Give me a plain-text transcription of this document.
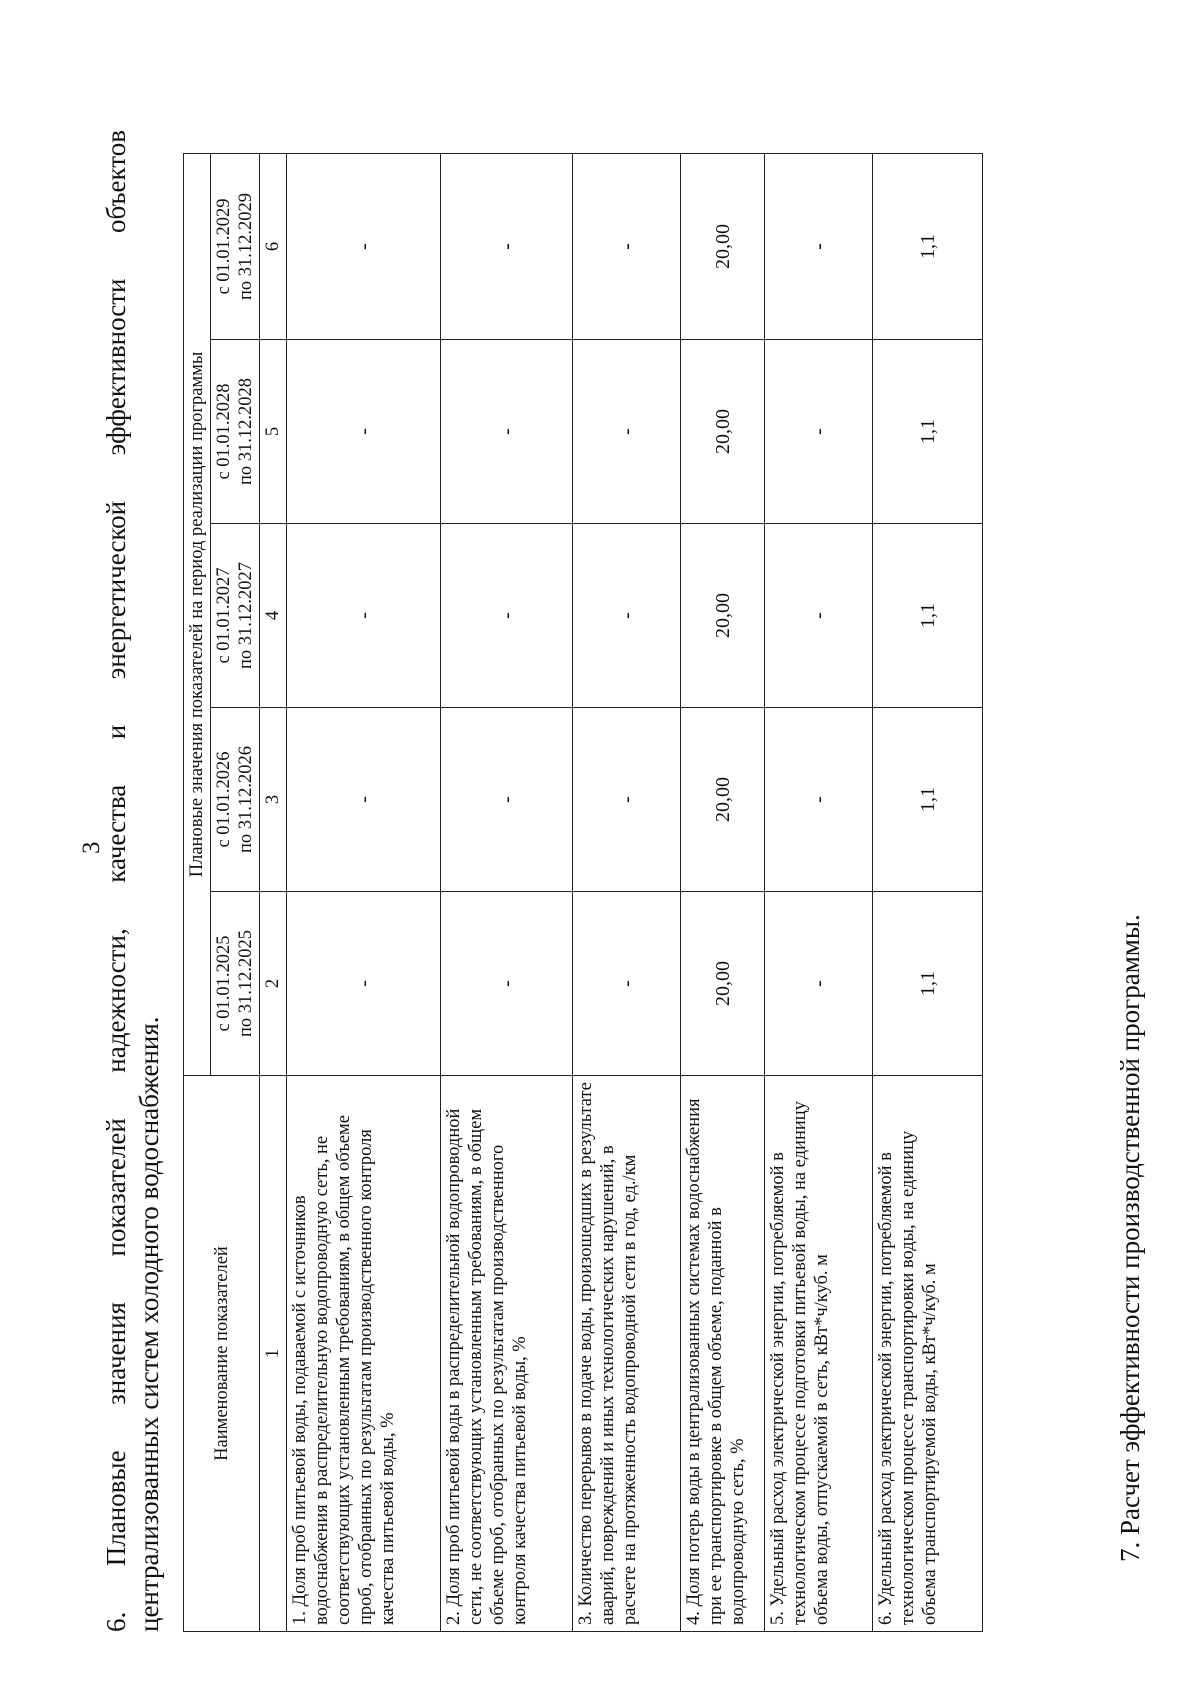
3
6. Плановые значения показателей надежности, качества и энергетической эффективности объектов централизованных систем холодного водоснабжения.	Наименование показателей	Плановые значения показателей на период реализации программы				
	с 01.01.2025 по 31.12.2025	с 01.01.2026 по 31.12.2026	с 01.01.2027 по 31.12.2027	с 01.01.2028 по 31.12.2028	с 01.01.2029 по 31.12.2029
1	2	3	4	5	6
1. Доля проб питьевой воды, подаваемой с источников водоснабжения в распределительную водопроводную сеть, не соответствующих установленным требованиям, в общем объеме проб, отобранных по результатам производственного контроля качества питьевой воды, %	-	-	-	-	-
2. Доля проб питьевой воды в распределительной водопроводной сети, не соответствующих установленным требованиям, в общем объеме проб, отобранных по результатам производственного контроля качества питьевой воды, %	-	-	-	-	-
3. Количество перерывов в подаче воды, произошедших в результате аварий, повреждений и иных технологических нарушений, в расчете на протяженность водопроводной сети в год, ед./км	-	-	-	-	-
4. Доля потерь воды в централизованных системах водоснабжения при ее транспортировке в общем объеме, поданной в водопроводную сеть, %	20,00	20,00	20,00	20,00	20,00
5. Удельный расход электрической энергии, потребляемой в технологическом процессе подготовки питьевой воды, на единицу объема воды, отпускаемой в сеть, кВт*ч/куб. м	-	-	-	-	-
6. Удельный расход электрической энергии, потребляемой в технологическом процессе транспортировки воды, на единицу объема транспортируемой воды, кВт*ч/куб. м	1,1	1,1	1,1	1,1	1,1
7. Расчет эффективности производственной программы.
